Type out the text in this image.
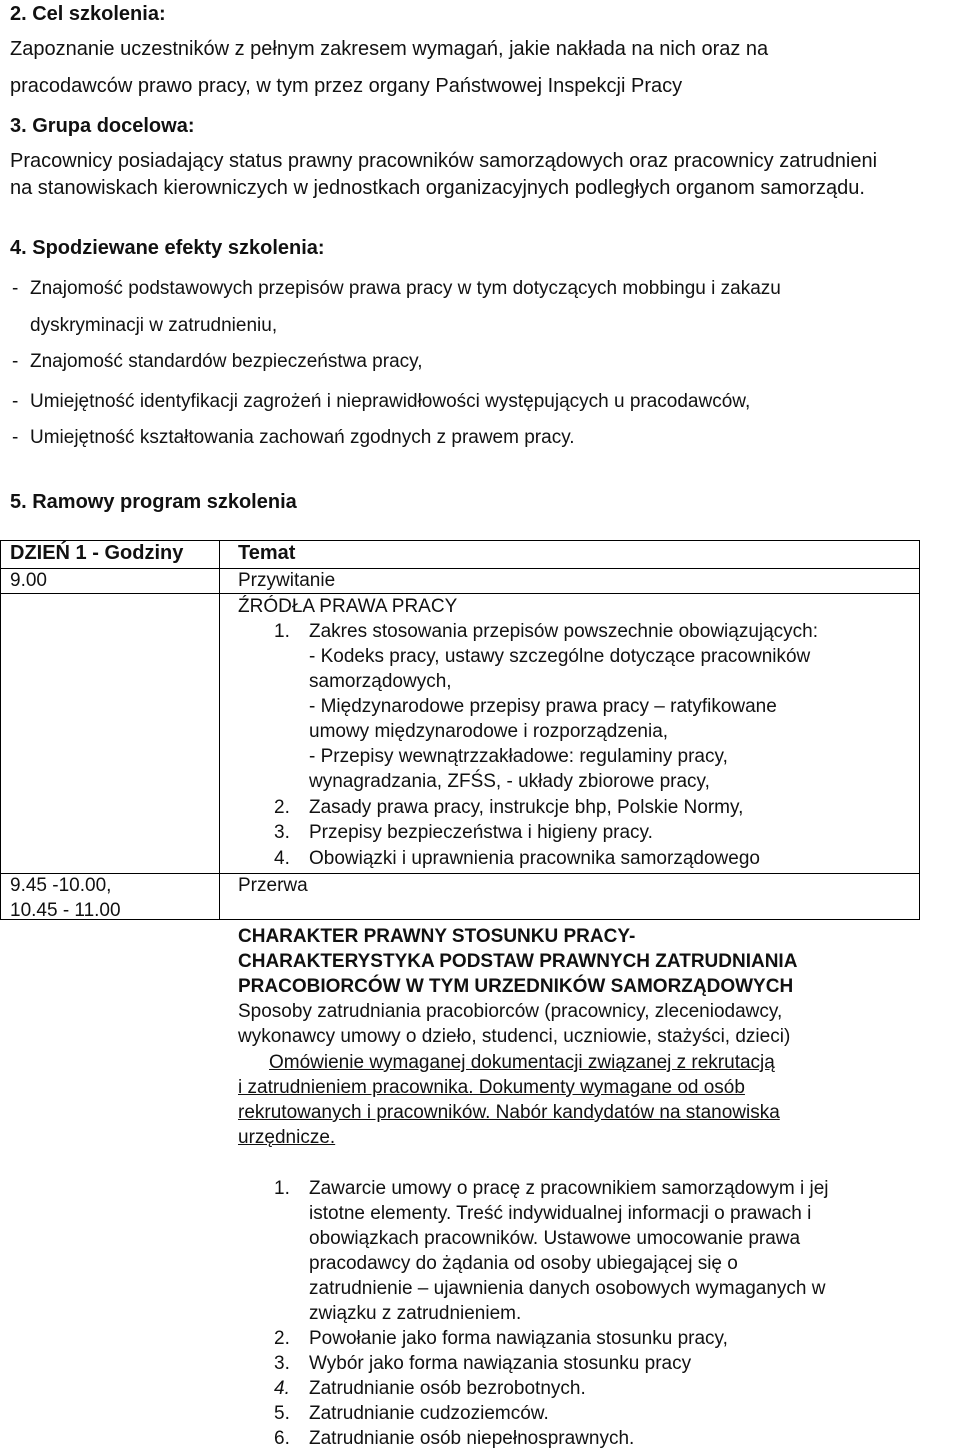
2. Cel szkolenia:
Zapoznanie uczestników z pełnym zakresem wymagań, jakie nakłada na nich oraz na
pracodawców prawo pracy, w tym przez organy Państwowej Inspekcji Pracy
3. Grupa docelowa:
Pracownicy posiadający status prawny pracowników samorządowych oraz pracownicy zatrudnieni
na stanowiskach kierowniczych w jednostkach organizacyjnych podległych organom samorządu.
4. Spodziewane efekty szkolenia:
- Znajomość podstawowych przepisów prawa pracy w tym dotyczących mobbingu i zakazu
dyskryminacji w zatrudnieniu,
- Znajomość standardów bezpieczeństwa pracy,
- Umiejętność identyfikacji zagrożeń i nieprawidłowości występujących u pracodawców,
- Umiejętność kształtowania zachowań zgodnych z prawem pracy.
5. Ramowy program szkolenia
DZIEŃ 1 - Godziny	Temat
9.00	Przywitanie
ŹRÓDŁA PRAWA PRACY
1. Zakres stosowania przepisów powszechnie obowiązujących:
- Kodeks pracy, ustawy szczególne dotyczące pracowników
samorządowych,
- Międzynarodowe przepisy prawa pracy – ratyfikowane
umowy międzynarodowe i rozporządzenia,
- Przepisy wewnątrzzakładowe: regulaminy pracy,
wynagradzania, ZFŚS, - układy zbiorowe pracy,
2. Zasady prawa pracy, instrukcje bhp, Polskie Normy,
3. Przepisy bezpieczeństwa i higieny pracy.
4. Obowiązki i uprawnienia pracownika samorządowego
9.45 -10.00,
10.45 - 11.00
Przerwa
CHARAKTER PRAWNY STOSUNKU PRACY-
CHARAKTERYSTYKA PODSTAW PRAWNYCH ZATRUDNIANIA
PRACOBIORCÓW W TYM URZEDNIKÓW SAMORZĄDOWYCH
Sposoby zatrudniania pracobiorców (pracownicy, zleceniodawcy,
wykonawcy umowy o dzieło, studenci, uczniowie, stażyści, dzieci)
Omówienie wymaganej dokumentacji związanej z rekrutacją
i zatrudnieniem pracownika. Dokumenty wymagane od osób
rekrutowanych i pracowników. Nabór kandydatów na stanowiska
urzędnicze.
1. Zawarcie umowy o pracę z pracownikiem samorządowym i jej
istotne elementy. Treść indywidualnej informacji o prawach i
obowiązkach pracowników. Ustawowe umocowanie prawa
pracodawcy do żądania od osoby ubiegającej się o
zatrudnienie – ujawnienia danych osobowych wymaganych w
związku z zatrudnieniem.
2. Powołanie jako forma nawiązania stosunku pracy,
3. Wybór jako forma nawiązania stosunku pracy
4. Zatrudnianie osób bezrobotnych.
5. Zatrudnianie cudzoziemców.
6. Zatrudnianie osób niepełnosprawnych.
